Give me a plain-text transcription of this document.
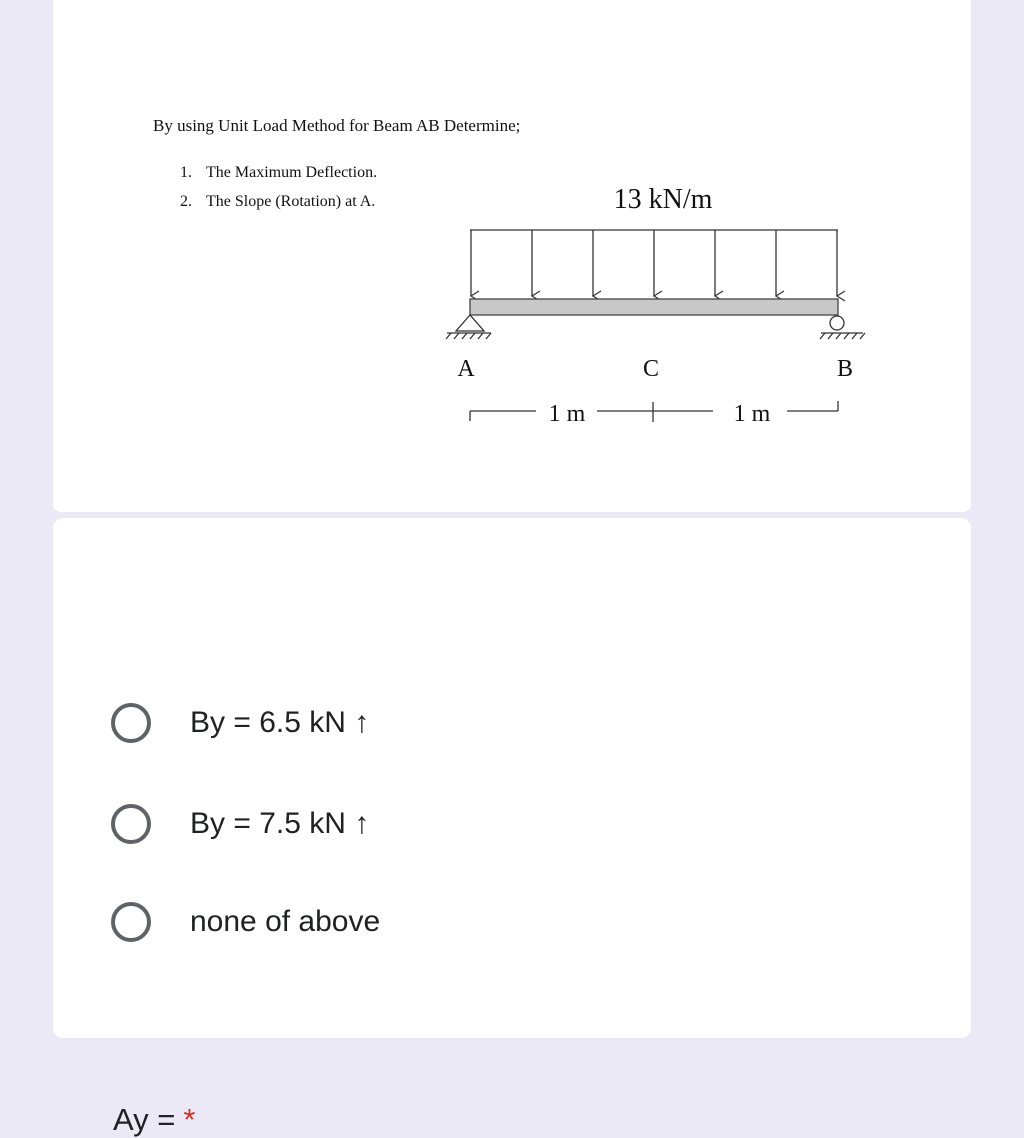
By using Unit Load Method for Beam AB Determine;
1. The Maximum Deflection.
2. The Slope (Rotation) at A.	13 kN/m
A	C	B
1 m	1 m
Ay = *
By = 6.5 kN ↑
By = 7.5 kN ↑
none of above
